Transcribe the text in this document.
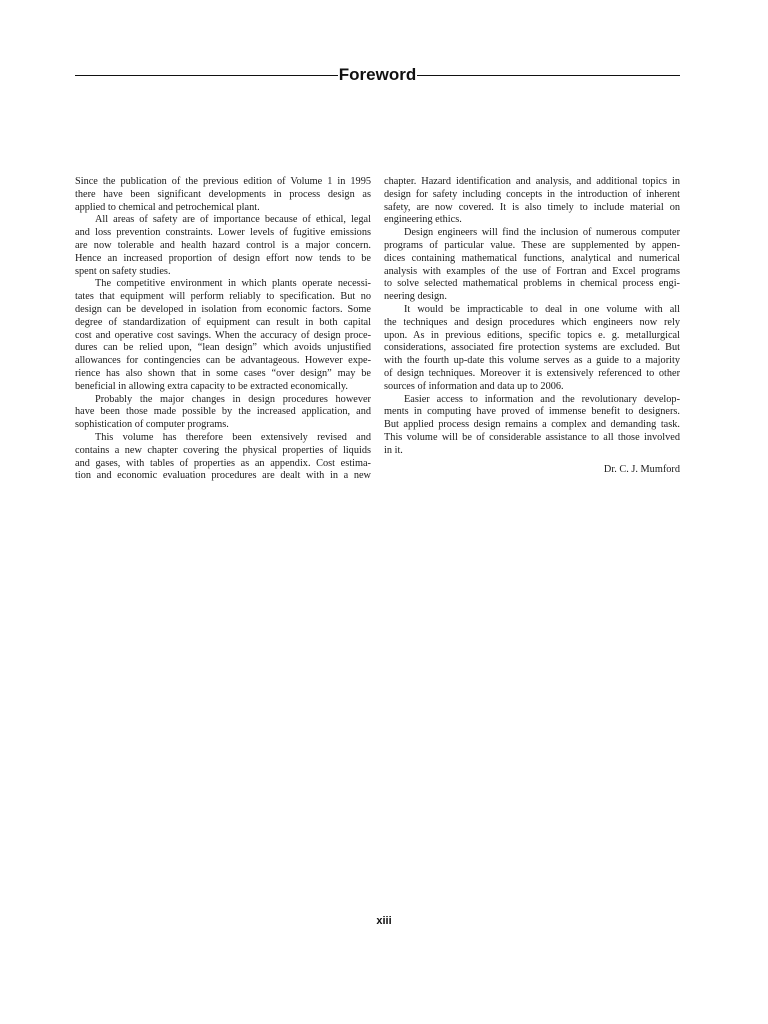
Foreword

Since the publication of the previous edition of Volume 1 in 1995
there have been significant developments in process design as
applied to chemical and petrochemical plant.

All areas of safety are of importance because of ethical, legal
and loss prevention constraints. Lower levels of fugitive emissions
are now tolerable and health hazard control is a major concern.
Hence an increased proportion of design effort now tends to be
spent on safety studies.

The competitive environment in which plants operate necessi-
tates that equipment will perform reliably to specification. But no
design can be developed in isolation from economic factors. Some
degree of standardization of equipment can result in both capital
cost and operative cost savings. When the accuracy of design proce-
dures can be relied upon, “lean design” which avoids unjustified
allowances for contingencies can be advantageous. However expe-
rience has also shown that in some cases “over design” may be
beneficial in allowing extra capacity to be extracted economically.

Probably the major changes in design procedures however
have been those made possible by the increased application, and
sophistication of computer programs.

This volume has therefore been extensively revised and
contains a new chapter covering the physical properties of liquids
and gases, with tables of properties as an appendix. Cost estima-
tion and economic evaluation procedures are dealt with in a new

chapter. Hazard identification and analysis, and additional topics in
design for safety including concepts in the introduction of inherent
safety, are now covered. It is also timely to include material on
engineering ethics.

Design engineers will find the inclusion of numerous computer
programs of particular value. These are supplemented by appen-
dices containing mathematical functions, analytical and numerical
analysis with examples of the use of Fortran and Excel programs
to solve selected mathematical problems in chemical process engi-
neering design.

It would be impracticable to deal in one volume with all
the techniques and design procedures which engineers now rely
upon. As in previous editions, specific topics e. g. metallurgical
considerations, associated fire protection systems are excluded. But
with the fourth up-date this volume serves as a guide to a majority
of design techniques. Moreover it is extensively referenced to other
sources of information and data up to 2006.

Easier access to information and the revolutionary develop-
ments in computing have proved of immense benefit to designers.
But applied process design remains a complex and demanding task.
This volume will be of considerable assistance to all those involved
in it.

Dr. C. J. Mumford
xiii
